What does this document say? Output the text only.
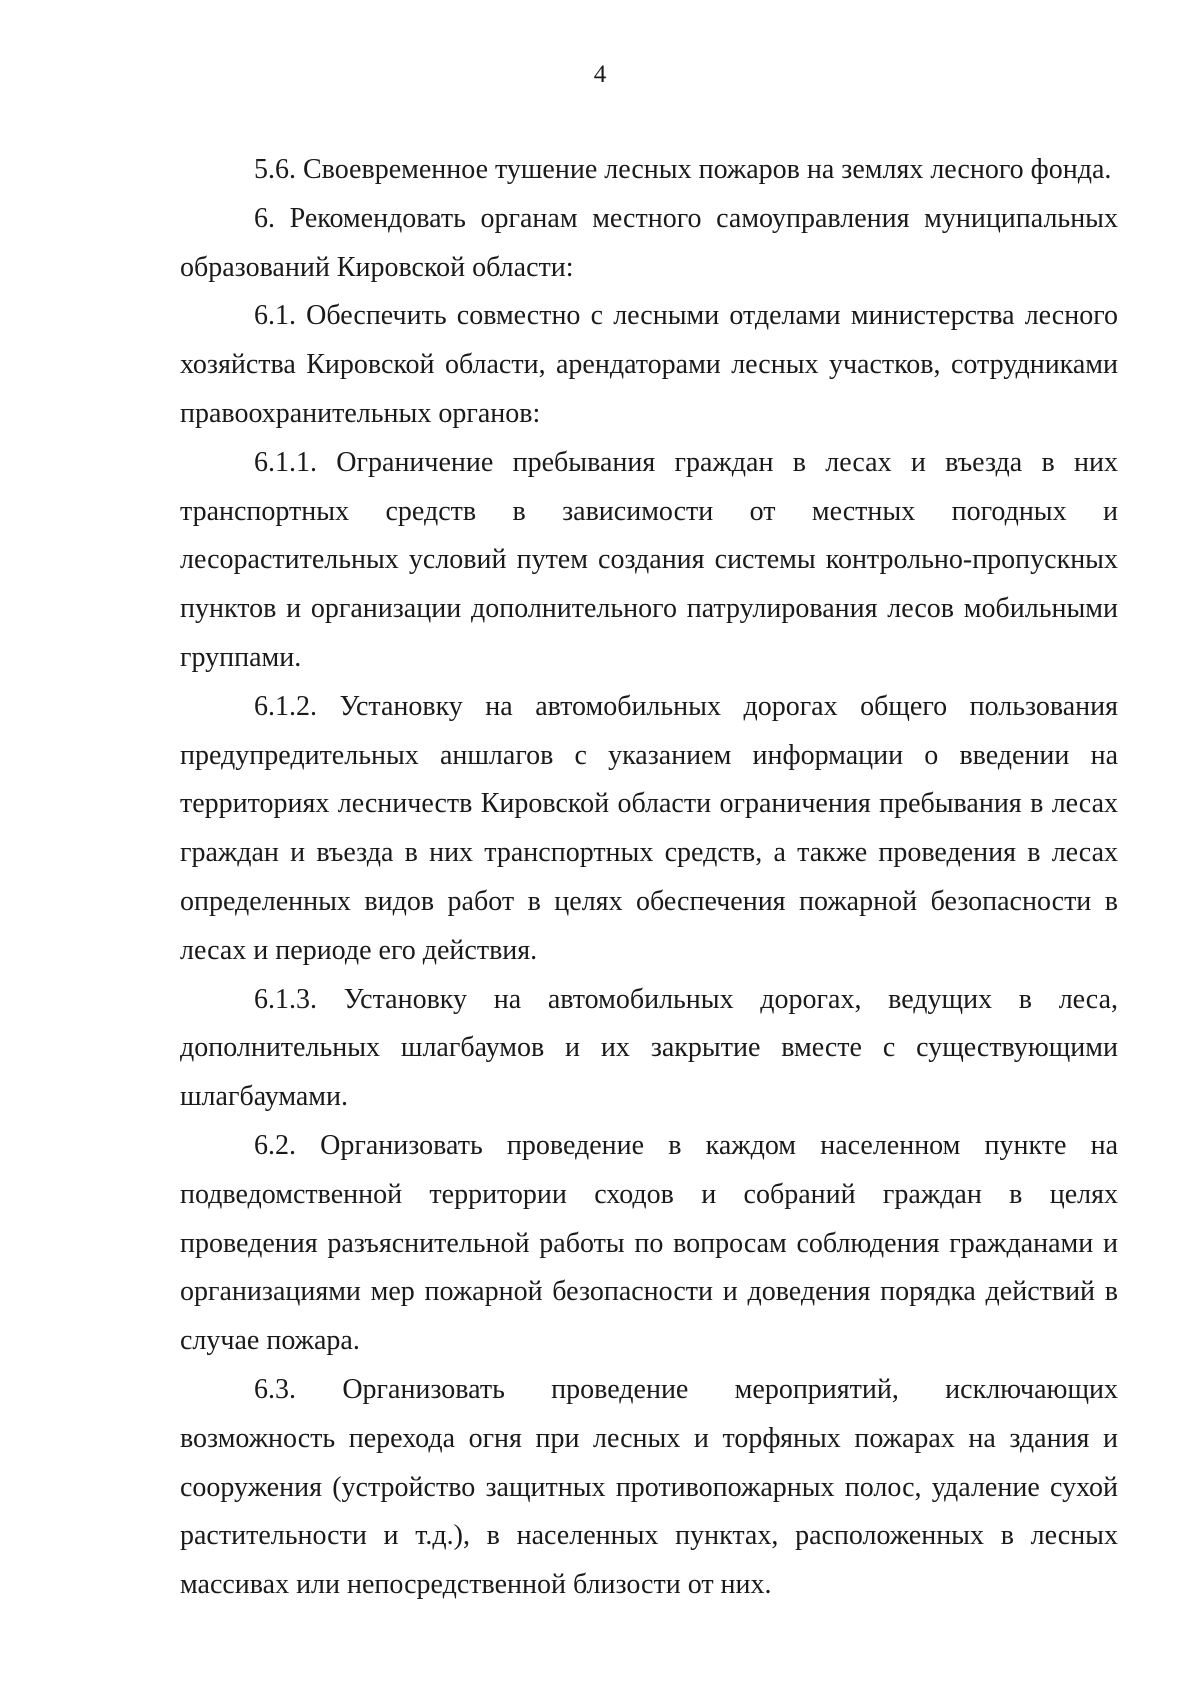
4

5.6. Своевременное тушение лесных пожаров на землях лесного фонда.

6. Рекомендовать органам местного самоуправления муниципальных образований Кировской области:

6.1. Обеспечить совместно с лесными отделами министерства лесного хозяйства Кировской области, арендаторами лесных участков, сотрудниками правоохранительных органов:

6.1.1. Ограничение пребывания граждан в лесах и въезда в них транспортных средств в зависимости от местных погодных и лесорастительных условий путем создания системы контрольно-пропускных пунктов и организации дополнительного патрулирования лесов мобильными группами.

6.1.2. Установку на автомобильных дорогах общего пользования предупредительных аншлагов с указанием информации о введении на территориях лесничеств Кировской области ограничения пребывания в лесах граждан и въезда в них транспортных средств, а также проведения в лесах определенных видов работ в целях обеспечения пожарной безопасности в лесах и периоде его действия.

6.1.3. Установку на автомобильных дорогах, ведущих в леса, дополнительных шлагбаумов и их закрытие вместе с существующими шлагбаумами.

6.2. Организовать проведение в каждом населенном пункте на подведомственной территории сходов и собраний граждан в целях проведения разъяснительной работы по вопросам соблюдения гражданами и организациями мер пожарной безопасности и доведения порядка действий в случае пожара.

6.3. Организовать проведение мероприятий, исключающих возможность перехода огня при лесных и торфяных пожарах на здания и сооружения (устройство защитных противопожарных полос, удаление сухой растительности и т.д.), в населенных пунктах, расположенных в лесных массивах или непосредственной близости от них.
